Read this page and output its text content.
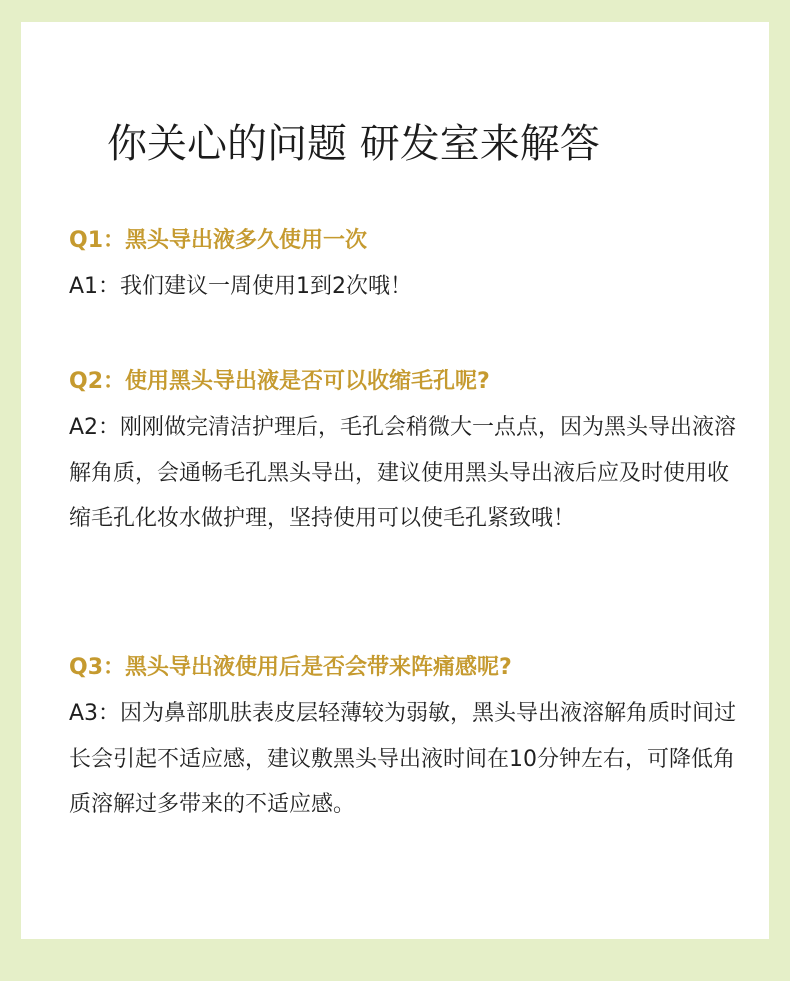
你关心的问题 研发室来解答

Q1：黑头导出液多久使用一次

A1：我们建议一周使用1到2次哦！

Q2：使用黑头导出液是否可以收缩毛孔呢?

A2：刚刚做完清洁护理后，毛孔会稍微大一点点，因为黑头导出液溶解角质，会通畅毛孔黑头导出，建议使用黑头导出液后应及时使用收缩毛孔化妆水做护理，坚持使用可以使毛孔紧致哦！

Q3：黑头导出液使用后是否会带来阵痛感呢?

A3：因为鼻部肌肤表皮层轻薄较为弱敏，黑头导出液溶解角质时间过长会引起不适应感，建议敷黑头导出液时间在10分钟左右，可降低角质溶解过多带来的不适应感。
